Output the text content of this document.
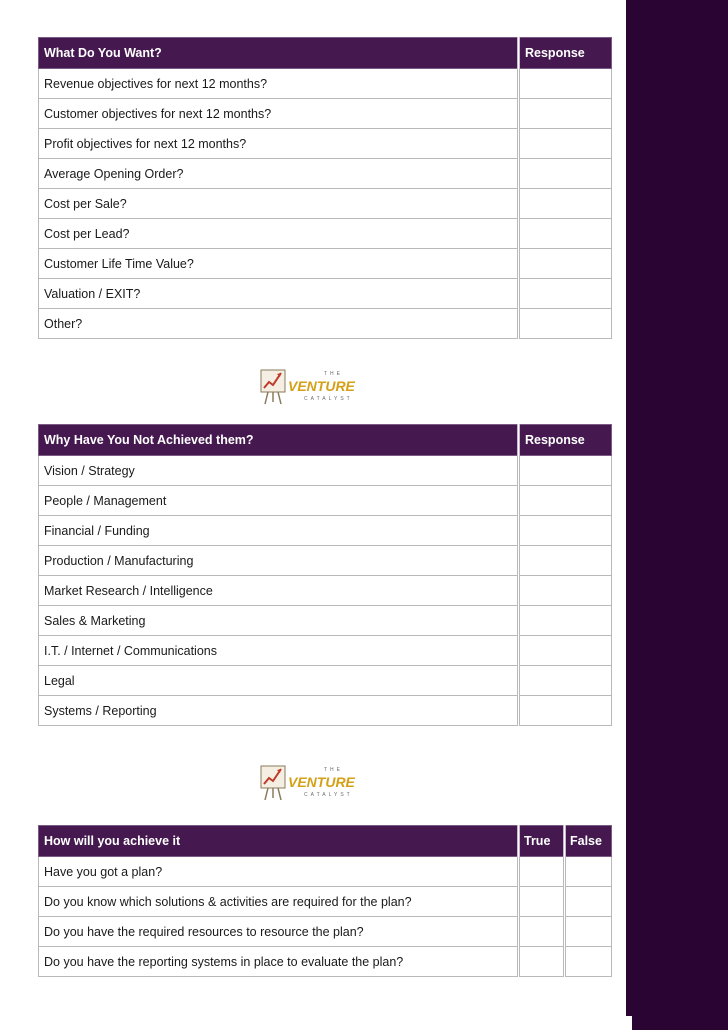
What Do You Want?	Response
Revenue objectives for next 12 months?	
Customer objectives for next 12 months?	
Profit objectives for next 12 months?	
Average Opening Order?	
Cost per Sale?	
Cost per Lead?	
Customer Life Time Value?	
Valuation / EXIT?	
Other?	
THE
VENTURE
CATALYST
Why Have You Not Achieved them?	Response
Vision / Strategy	
People / Management	
Financial / Funding	
Production / Manufacturing	
Market Research / Intelligence	
Sales & Marketing	
I.T. / Internet / Communications	
Legal	
Systems / Reporting	
THE
VENTURE
CATALYST
How will you achieve it	True	False
Have you got a plan?		
Do you know which solutions & activities are required for the plan?		
Do you have the required resources to resource the plan?		
Do you have the reporting systems in place to evaluate the plan?		
